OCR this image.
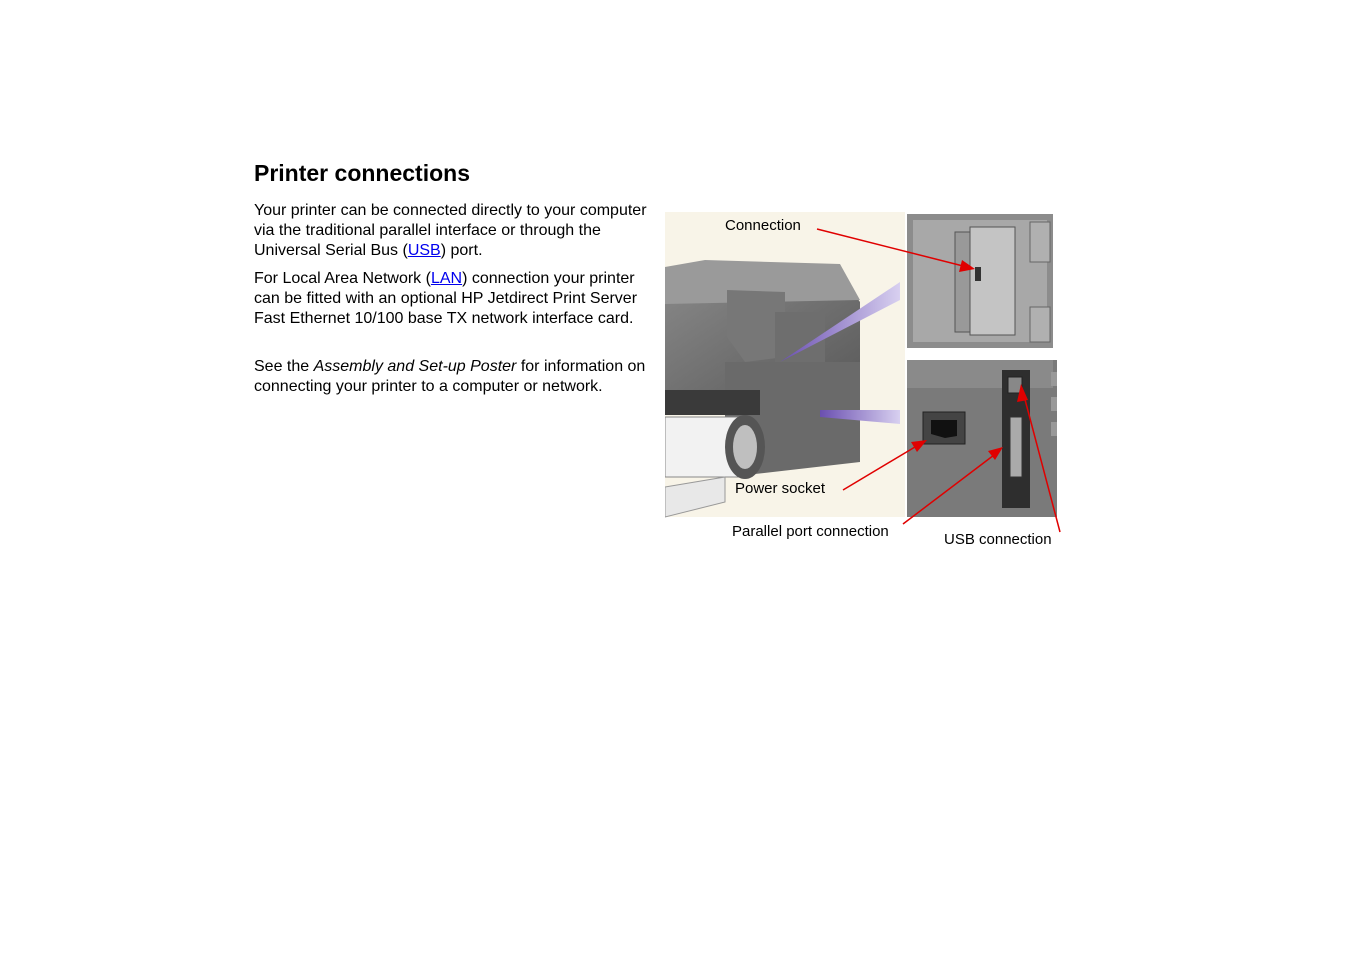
Printer connections

Your printer can be connected directly to your computer via the traditional parallel interface or through the Universal Serial Bus (USB) port.

For Local Area Network (LAN) connection your printer can be fitted with an optional HP Jetdirect Print Server Fast Ethernet 10/100 base TX network interface card.

See the Assembly and Set-up Poster for information on connecting your printer to a computer or network.

Connection
Power socket
Parallel port connection	USB connection
